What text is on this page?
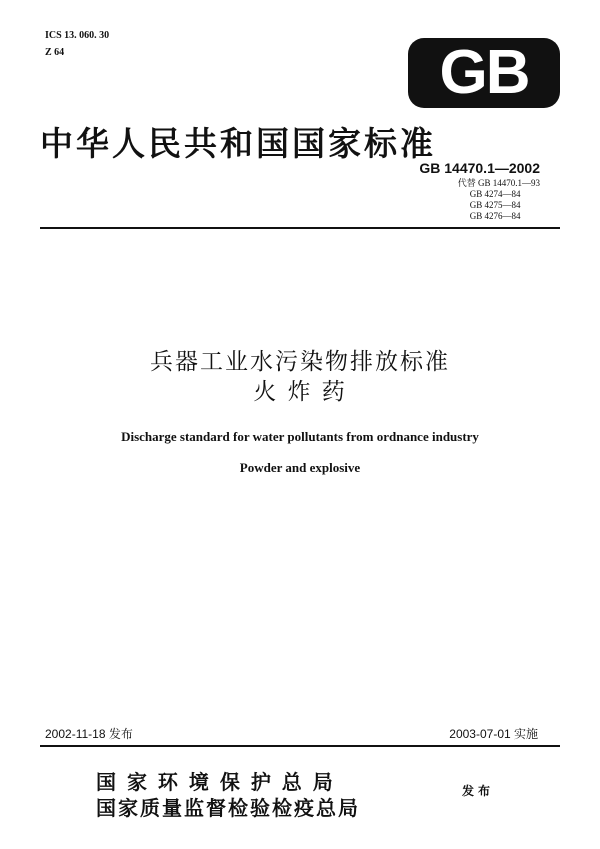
ICS 13. 060. 30
Z 64	GB
中华人民共和国国家标准
GB 14470.1—2002
代替 GB 14470.1—93
GB 4274—84
GB 4275—84
GB 4276—84
兵器工业水污染物排放标准
火 炸 药
Discharge standard for water pollutants from ordnance industry
Powder and explosive
2002-11-18 发布	2003-07-01 实施
国 家 环 境 保 护 总 局
国家质量监督检验检疫总局
发布
